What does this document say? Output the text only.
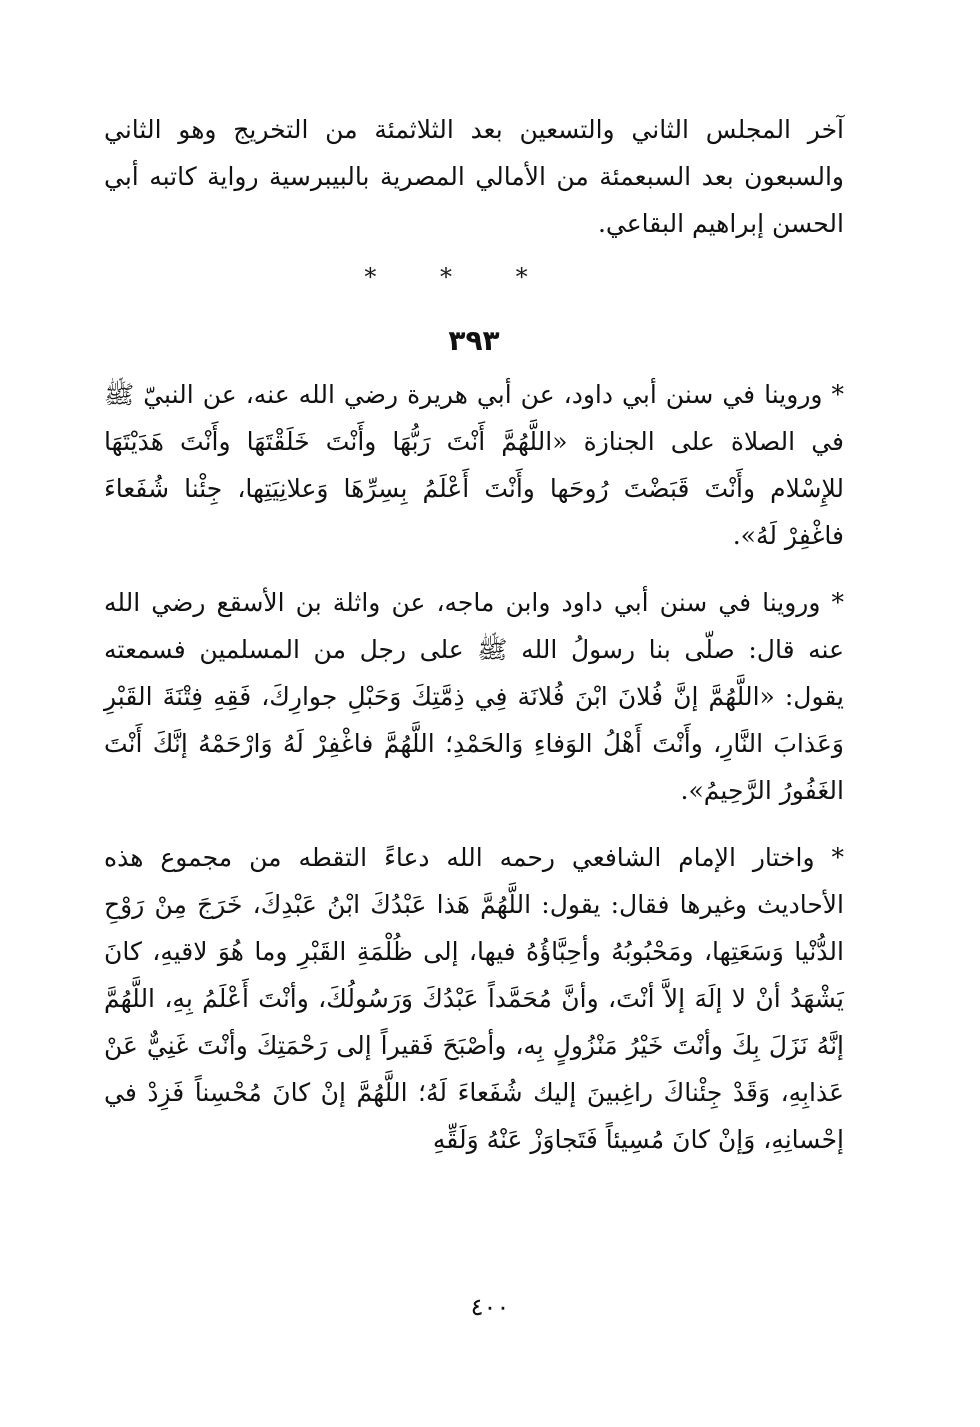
آخر المجلس الثاني والتسعين بعد الثلاثمئة من التخريج وهو الثاني والسبعون بعد السبعمئة من الأمالي المصرية بالبيبرسية رواية كاتبه أبي الحسن إبراهيم البقاعي.

* * *
٣٩٣

* وروينا في سنن أبي داود، عن أبي هريرة رضي الله عنه، عن النبيّ ﷺ في الصلاة على الجنازة «اللَّهُمَّ أَنْتَ رَبُّهَا وأَنْتَ خَلَقْتَهَا وأَنْتَ هَدَيْتَهَا للإِسْلام وأَنْتَ قَبَضْتَ رُوحَها وأَنْتَ أَعْلَمُ بِسِرِّهَا وَعلانِيَتِها، جِئْنا شُفَعاءَ فاغْفِرْ لَهُ».

* وروينا في سنن أبي داود وابن ماجه، عن واثلة بن الأسقع رضي الله عنه قال: صلّى بنا رسولُ الله ﷺ على رجل من المسلمين فسمعته يقول: «اللَّهُمَّ إنَّ فُلانَ ابْنَ فُلانَة فِي ذِمَّتِكَ وَحَبْلِ جوارِكَ، فَقِهِ فِتْنَةَ القَبْرِ وَعَذابَ النَّارِ، وأَنْتَ أَهْلُ الوَفاءِ وَالحَمْدِ؛ اللَّهُمَّ فاغْفِرْ لَهُ وَارْحَمْهُ إنَّكَ أَنْتَ الغَفُورُ الرَّحِيمُ».

* واختار الإمام الشافعي رحمه الله دعاءً التقطه من مجموع هذه الأحاديث وغيرها فقال: يقول: اللَّهُمَّ هَذا عَبْدُكَ ابْنُ عَبْدِكَ، خَرَجَ مِنْ رَوْحِ الدُّنْيا وَسَعَتِها، ومَحْبُوبُهُ وأحِبَّاؤُهُ فيها، إلى ظُلْمَةِ القَبْرِ وما هُوَ لاقيهِ، كانَ يَشْهَدُ أنْ لا إلَهَ إلاَّ أنْتَ، وأنَّ مُحَمَّداً عَبْدُكَ وَرَسُولُكَ، وأنْتَ أَعْلَمُ بِهِ، اللَّهُمَّ إنَّهُ نَزَلَ بِكَ وأنْتَ خَيْرُ مَنْزُولٍ بِه، وأصْبَحَ فَقيراً إلى رَحْمَتِكَ وأنْتَ غَنِيٌّ عَنْ عَذابِهِ، وَقَدْ جِئْناكَ راغِبينَ إليك شُفَعاءَ لَهُ؛ اللَّهُمَّ إنْ كانَ مُحْسِناً فَزِدْ في إحْسانِهِ، وَإنْ كانَ مُسِيئاً فَتَجاوَزْ عَنْهُ وَلَقِّهِ

٤٠٠
